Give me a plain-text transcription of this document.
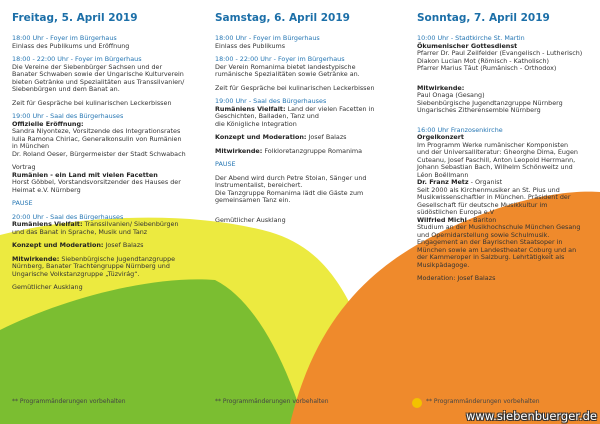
Freitag, 5. April 2019
18:00 Uhr - Foyer im Bürgerhaus
Einlass des Publikums und Eröffnung
18:00 - 22:00 Uhr - Foyer im Bürgerhaus
Die Vereine der Siebenbürger Sachsen und der
Banater Schwaben sowie der Ungarische Kulturverein
bieten Getränke und Spezialitäten aus Transsilvanien/
Siebenbürgen und dem Banat an.
Zeit für Gespräche bei kulinarischen Leckerbissen
19:00 Uhr - Saal des Bürgerhauses
Offizielle Eröffnung:
Sandra Niyonteze, Vorsitzende des Integrationsrates
Iulia Ramona Chiriac, Generalkonsulin von Rumänien
in München
Dr. Roland Oeser, Bürgermeister der Stadt Schwabach
Vortrag
Rumänien - ein Land mit vielen Facetten
Horst Göbbel, Vorstandsvorsitzender des Hauses der
Heimat e.V. Nürnberg
PAUSE
20:00 Uhr - Saal des Bürgerhauses
Rumäniens Vielfalt: Transsilvanien/ Siebenbürgen
und das Banat in Sprache, Musik und Tanz
Konzept und Moderation: Josef Balazs
Mitwirkende: Siebenbürgische Jugendtanzgruppe
Nürnberg, Banater Trachtengruppe Nürnberg und
Ungarische Volkstanzgruppe „Tüzvirág“.
Gemütlicher Ausklang
** Programmänderungen vorbehalten
Samstag, 6. April 2019
18:00 Uhr - Foyer im Bürgerhaus
Einlass des Publikums
18:00 - 22:00 Uhr - Foyer im Bürgerhaus
Der Verein Romanima bietet landestypische
rumänische Spezialitäten sowie Getränke an.
Zeit für Gespräche bei kulinarischen Leckerbissen
19:00 Uhr - Saal des Bürgerhauses
Rumäniens Vielfalt: Land der vielen Facetten in
Geschichten, Balladen, Tanz und
die Königliche Integration
Konzept und Moderation: Josef Balazs
Mitwirkende: Folkloretanzgruppe Romanima
PAUSE
Der Abend wird durch Petre Stoian, Sänger und
Instrumentalist, bereichert.
Die Tanzgruppe Romanima lädt die Gäste zum
gemeinsamen Tanz ein.
Gemütlicher Ausklang
** Programmänderungen vorbehalten
Sonntag, 7. April 2019
10:00 Uhr - Stadtkirche St. Martin
Ökumenischer Gottesdienst
Pfarrer Dr. Paul Zeilfelder (Evangelisch - Lutherisch)
Diakon Lucian Mot (Römisch - Katholisch)
Pfarrer Marius Tăut (Rumänisch - Orthodox)
Mitwirkende:
Paul Onaga (Gesang)
Siebenbürgische Jugendtanzgruppe Nürnberg
Ungarisches Zitherensemble Nürnberg
16:00 Uhr Franzosenkirche
Orgelkonzert
Im Programm Werke rumänischer Komponisten
und der Universalliteratur: Gheorghe Dima, Eugen
Cuteanu, Josef Paschill, Anton Leopold Herrmann,
Johann Sebastian Bach, Wilhelm Schönweitz und
Léon Boëllmann
Dr. Franz Metz - Organist
Seit 2000 als Kirchenmusiker an St. Pius und
Musikwissenschaftler in München. Präsident der
Gesellschaft für deutsche Musikkultur im
südöstlichen Europa e.V
Wilfried Michl - Bariton
Studium an der Musikhochschule München Gesang
und Opernidarstellung sowie Schulmusik.
Engagement an der Bayrischen Staatsoper in
München sowie am Landestheater Coburg und an
der Kammeroper in Salzburg. Lehrtätigkeit als
Musikpädagoge.
Moderation: Josef Balazs
** Programmänderungen vorbehalten
www.siebenbuerger.de
